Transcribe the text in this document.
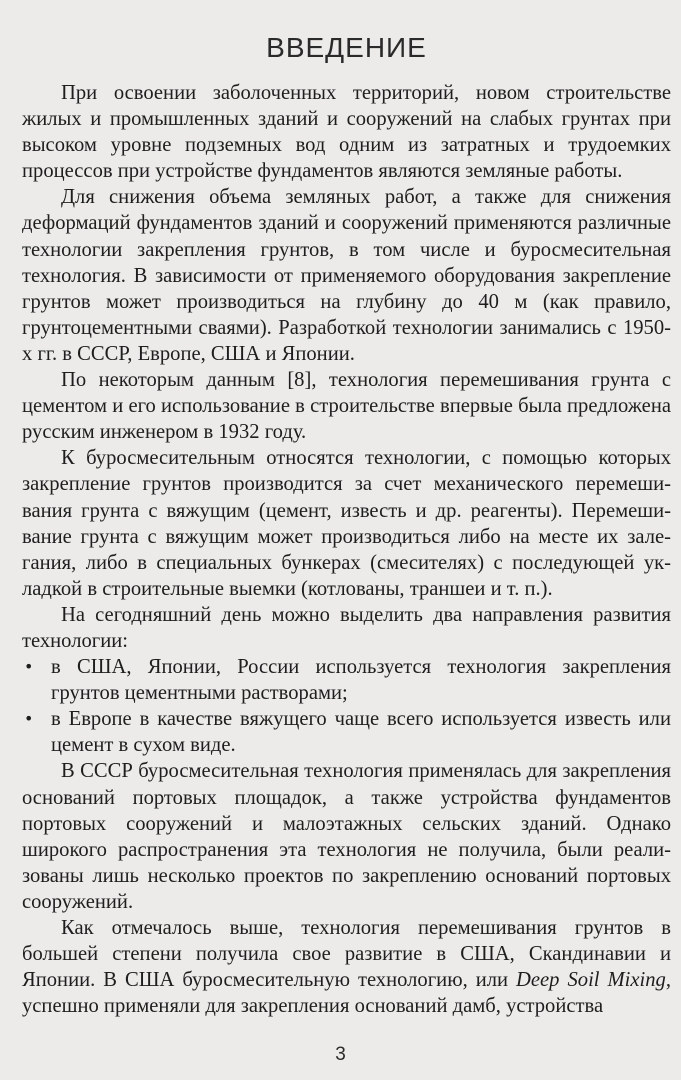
ВВЕДЕНИЕ

При освоении заболоченных территорий, новом строительстве жилых и промышленных зданий и сооружений на слабых грунтах при высоком уровне подземных вод одним из затратных и трудоемких процессов при устройстве фундаментов являются земляные работы.

Для снижения объема земляных работ, а также для снижения деформаций фундаментов зданий и сооружений применяются различные технологии закрепления грунтов, в том числе и буросмесительная технология. В зависимости от применяемого оборудования закрепление грунтов может производиться на глубину до 40 м (как правило, грунтоцементными сваями). Разработкой технологии занимались с 1950-х гг. в СССР, Европе, США и Японии.

По некоторым данным [8], технология перемешивания грунта с цементом и его использование в строительстве впервые была предложена русским инженером в 1932 году.

К буросмесительным относятся технологии, с помощью которых закрепление грунтов производится за счет механического перемешивания грунта с вяжущим (цемент, известь и др. реагенты). Перемешивание грунта с вяжущим может производиться либо на месте их залегания, либо в специальных бункерах (смесителях) с последующей укладкой в строительные выемки (котлованы, траншеи и т. п.).

На сегодняшний день можно выделить два направления развития технологии:

• в США, Японии, России используется технология закрепления грунтов цементными растворами;
• в Европе в качестве вяжущего чаще всего используется известь или цемент в сухом виде.

В СССР буросмесительная технология применялась для закрепления оснований портовых площадок, а также устройства фундаментов портовых сооружений и малоэтажных сельских зданий. Однако широкого распространения эта технология не получила, были реализованы лишь несколько проектов по закреплению оснований портовых сооружений.

Как отмечалось выше, технология перемешивания грунтов в большей степени получила свое развитие в США, Скандинавии и Японии. В США буросмесительную технологию, или Deep Soil Mixing, успешно применяли для закрепления оснований дамб, устройства

3
